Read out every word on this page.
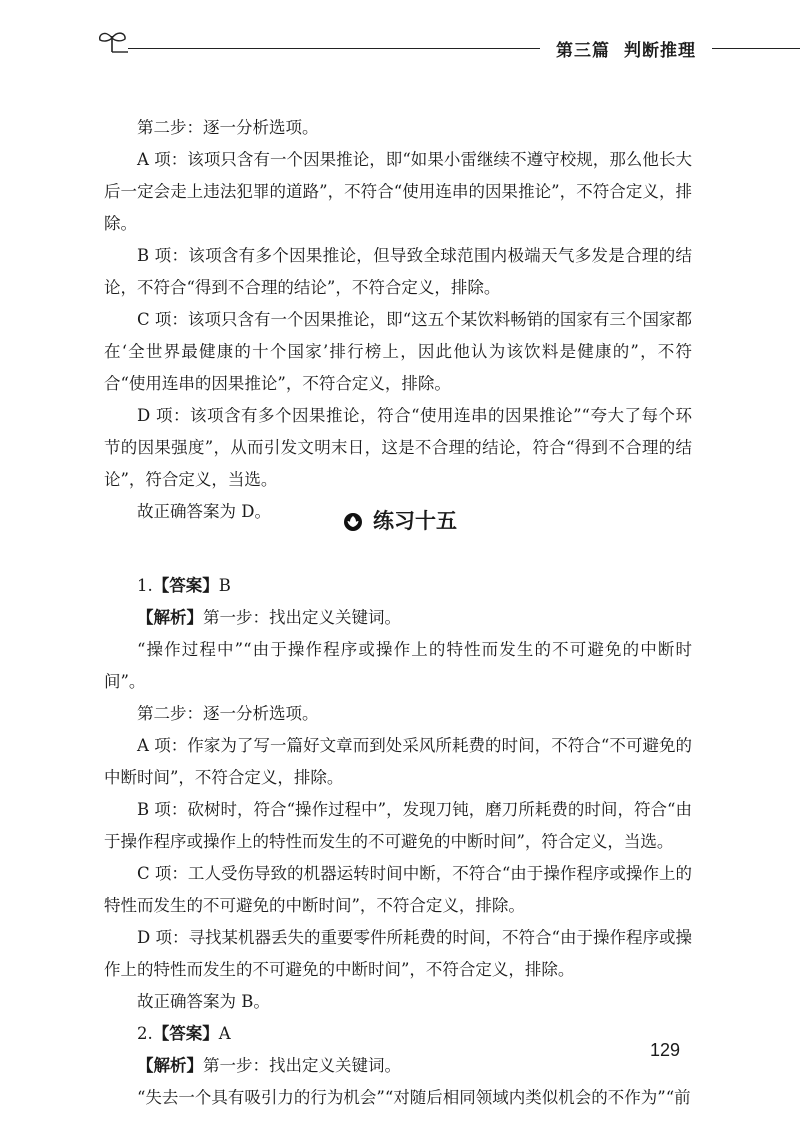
第三篇 判断推理

第二步：逐一分析选项。

A 项：该项只含有一个因果推论，即“如果小雷继续不遵守校规，那么他长大后一定会走上违法犯罪的道路”，不符合“使用连串的因果推论”，不符合定义，排除。

B 项：该项含有多个因果推论，但导致全球范围内极端天气多发是合理的结论，不符合“得到不合理的结论”，不符合定义，排除。

C 项：该项只含有一个因果推论，即“这五个某饮料畅销的国家有三个国家都在‘全世界最健康的十个国家’排行榜上，因此他认为该饮料是健康的”，不符合“使用连串的因果推论”，不符合定义，排除。

D 项：该项含有多个因果推论，符合“使用连串的因果推论”“夸大了每个环节的因果强度”，从而引发文明末日，这是不合理的结论，符合“得到不合理的结论”，符合定义，当选。

故正确答案为 D。	练习十五

1.【答案】B

【解析】第一步：找出定义关键词。

“操作过程中”“由于操作程序或操作上的特性而发生的不可避免的中断时间”。

第二步：逐一分析选项。

A 项：作家为了写一篇好文章而到处采风所耗费的时间，不符合“不可避免的中断时间”，不符合定义，排除。

B 项：砍树时，符合“操作过程中”，发现刀钝，磨刀所耗费的时间，符合“由于操作程序或操作上的特性而发生的不可避免的中断时间”，符合定义，当选。

C 项：工人受伤导致的机器运转时间中断，不符合“由于操作程序或操作上的特性而发生的不可避免的中断时间”，不符合定义，排除。

D 项：寻找某机器丢失的重要零件所耗费的时间，不符合“由于操作程序或操作上的特性而发生的不可避免的中断时间”，不符合定义，排除。

故正确答案为 B。

2.【答案】A

【解析】第一步：找出定义关键词。

“失去一个具有吸引力的行为机会”“对随后相同领域内类似机会的不作为”“前

129
